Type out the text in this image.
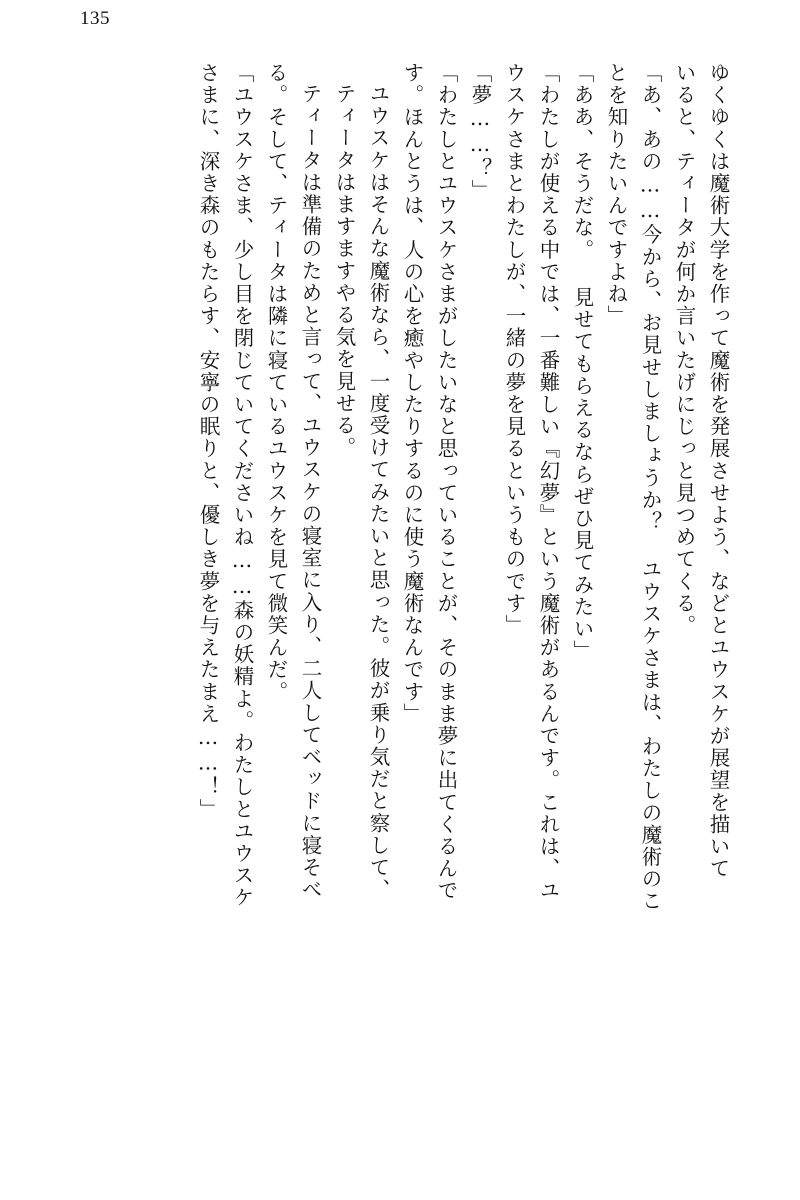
135
ゆくゆくは魔術大学を作って魔術を発展させよう、などとユウスケが展望を描いて
いると、ティータが何か言いたげにじっと見つめてくる。
「あ、あの……今から、お見せしましょうか？ ユウスケさまは、わたしの魔術のこ
とを知りたいんですよね」
「ああ、そうだな。 見せてもらえるならぜひ見てみたい」
「わたしが使える中では、一番難しい『幻夢』という魔術があるんです。これは、ユ
ウスケさまとわたしが、一緒の夢を見るというものです」
「夢……？」
「わたしとユウスケさまがしたいなと思っていることが、そのまま夢に出てくるんで
す。ほんとうは、人の心を癒やしたりするのに使う魔術なんです」
ユウスケはそんな魔術なら、一度受けてみたいと思った。彼が乗り気だと察して、
ティータはますますやる気を見せる。
ティータは準備のためと言って、ユウスケの寝室に入り、二人してベッドに寝そべ
る。そして、ティータは隣に寝ているユウスケを見て微笑んだ。
「ユウスケさま、少し目を閉じていてくださいね……森の妖精よ。わたしとユウスケ
さまに、深き森のもたらす、安寧の眠りと、優しき夢を与えたまえ……！」
